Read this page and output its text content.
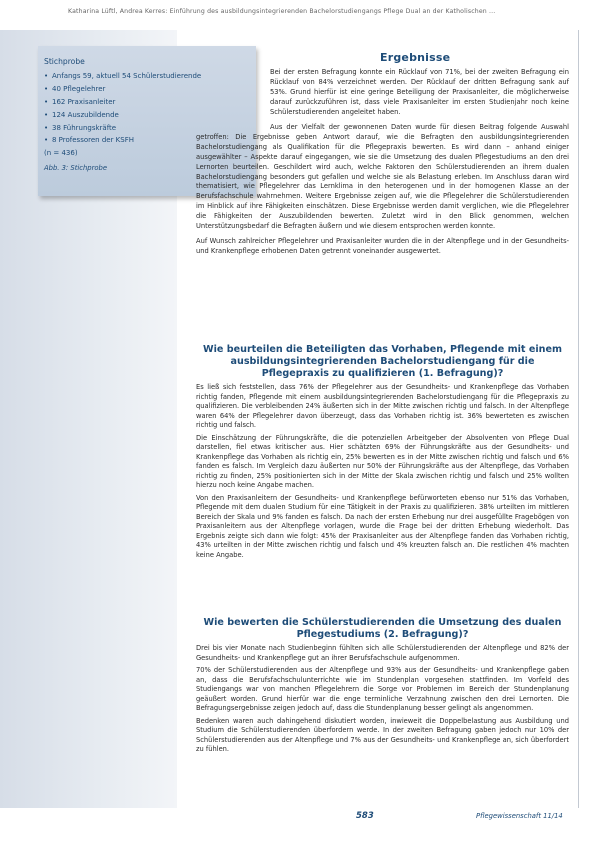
Katharina Lüftl, Andrea Kerres: Einführung des ausbildungsintegrierenden Bachelorstudiengangs Pflege Dual an der Katholischen ...
Stichprobe
• Anfangs 59, aktuell 54 Schülerstudierende
• 40 Pflegelehrer
• 162 Praxisanleiter
• 124 Auszubildende
• 38 Führungskräfte
• 8 Professoren der KSFH
(n = 436)
Abb. 3: Stichprobe
Ergebnisse

Bei der ersten Befragung konnte ein Rücklauf von 71%, bei der zweiten Befragung ein Rücklauf von 84% verzeichnet werden. Der Rücklauf der dritten Befragung sank auf 53%. Grund hierfür ist eine geringe Beteiligung der Praxisanleiter, die möglicherweise darauf zurückzuführen ist, dass viele Praxisanleiter im ersten Studienjahr noch keine Schülerstudierenden angeleitet haben.

Aus der Vielfalt der gewonnenen Daten wurde für diesen Beitrag folgende Auswahl getroffen: Die Ergebnisse geben Antwort darauf, wie die Befragten den ausbildungsintegrierenden Bachelorstudiengang als Qualifikation für die Pflegepraxis bewerten. Es wird dann – anhand einiger ausgewählter – Aspekte darauf eingegangen, wie sie die Umsetzung des dualen Pflegestudiums an den drei Lernorten beurteilen. Geschildert wird auch, welche Faktoren den Schülerstudierenden an ihrem dualen Bachelorstudiengang besonders gut gefallen und welche sie als Belastung erleben. Im Anschluss daran wird thematisiert, wie Pflegelehrer das Lernklima in den heterogenen und in der homogenen Klasse an der Berufsfachschule wahrnehmen. Weitere Ergebnisse zeigen auf, wie die Pflegelehrer die Schülerstudierenden im Hinblick auf ihre Fähigkeiten einschätzen. Diese Ergebnisse werden damit verglichen, wie die Pflegelehrer die Fähigkeiten der Auszubildenden bewerten. Zuletzt wird in den Blick genommen, welchen Unterstützungsbedarf die Befragten äußern und wie diesem entsprochen werden konnte.

Auf Wunsch zahlreicher Pflegelehrer und Praxisanleiter wurden die in der Altenpflege und in der Gesundheits- und Krankenpflege erhobenen Daten getrennt voneinander ausgewertet.

Wie beurteilen die Beteiligten das Vorhaben, Pflegende mit einem ausbildungsintegrierenden Bachelorstudiengang für die Pflegepraxis zu qualifizieren (1. Befragung)?

Es ließ sich feststellen, dass 76% der Pflegelehrer aus der Gesundheits- und Krankenpflege das Vorhaben richtig fanden, Pflegende mit einem ausbildungsintegrierenden Bachelorstudiengang für die Pflegepraxis zu qualifizieren. Die verbleibenden 24% äußerten sich in der Mitte zwischen richtig und falsch. In der Altenpflege waren 64% der Pflegelehrer davon überzeugt, dass das Vorhaben richtig ist. 36% bewerteten es zwischen richtig und falsch.

Die Einschätzung der Führungskräfte, die die potenziellen Arbeitgeber der Absolventen von Pflege Dual darstellen, fiel etwas kritischer aus. Hier schätzten 69% der Führungskräfte aus der Gesundheits- und Krankenpflege das Vorhaben als richtig ein, 25% bewerten es in der Mitte zwischen richtig und falsch und 6% fanden es falsch. Im Vergleich dazu äußerten nur 50% der Führungskräfte aus der Altenpflege, das Vorhaben richtig zu finden, 25% positionierten sich in der Mitte der Skala zwischen richtig und falsch und 25% wollten hierzu noch keine Angabe machen.

Von den Praxisanleitern der Gesundheits- und Krankenpflege befürworteten ebenso nur 51% das Vorhaben, Pflegende mit dem dualen Studium für eine Tätigkeit in der Praxis zu qualifizieren. 38% urteilten im mittleren Bereich der Skala und 9% fanden es falsch. Da nach der ersten Erhebung nur drei ausgefüllte Fragebögen von Praxisanleitern aus der Altenpflege vorlagen, wurde die Frage bei der dritten Erhebung wiederholt. Das Ergebnis zeigte sich dann wie folgt: 45% der Praxisanleiter aus der Altenpflege fanden das Vorhaben richtig, 43% urteilten in der Mitte zwischen richtig und falsch und 4% kreuzten falsch an. Die restlichen 4% machten keine Angabe.

Wie bewerten die Schülerstudierenden die Umsetzung des dualen Pflegestudiums (2. Befragung)?

Drei bis vier Monate nach Studienbeginn fühlten sich alle Schülerstudierenden der Altenpflege und 82% der Gesundheits- und Krankenpflege gut an ihrer Berufsfachschule aufgenommen.

70% der Schülerstudierenden aus der Altenpflege und 93% aus der Gesundheits- und Krankenpflege gaben an, dass die Berufsfachschulunterrichte wie im Stundenplan vorgesehen stattfinden. Im Vorfeld des Studiengangs war von manchen Pflegelehrern die Sorge vor Problemen im Bereich der Stundenplanung geäußert worden. Grund hierfür war die enge terminliche Verzahnung zwischen den drei Lernorten. Die Befragungsergebnisse zeigen jedoch auf, dass die Stundenplanung besser gelingt als angenommen.

Bedenken waren auch dahingehend diskutiert worden, inwieweit die Doppelbelastung aus Ausbildung und Studium die Schülerstudierenden überfordern werde. In der zweiten Befragung gaben jedoch nur 10% der Schülerstudierenden aus der Altenpflege und 7% aus der Gesundheits- und Krankenpflege an, sich überfordert zu fühlen.

583	Pflegewissenschaft 11/14
